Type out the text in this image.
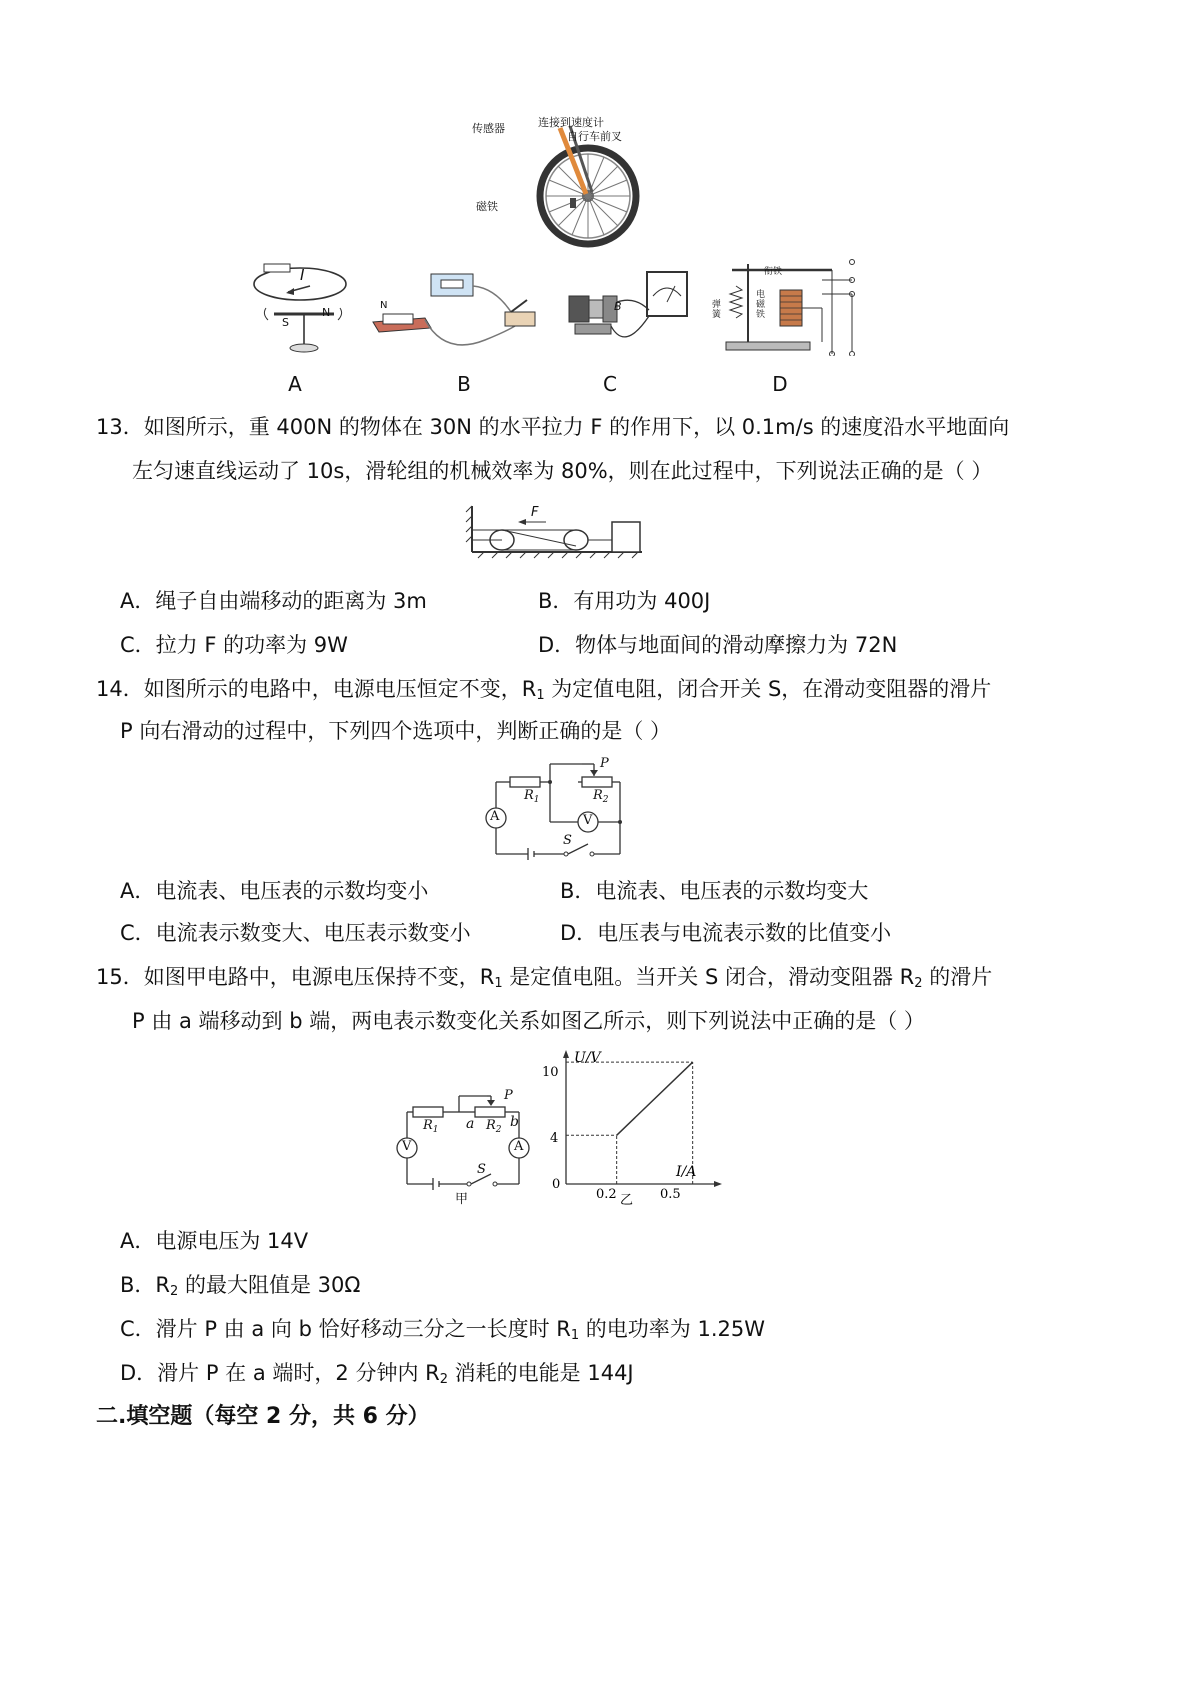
传感器	连接到速度计
自行车前叉
磁铁
I
S
N
N	B
衔铁
弹簧
电磁铁
A	B	C	D
13．如图所示，重 400N 的物体在 30N 的水平拉力 F 的作用下，以 0.1m/s 的速度沿水平地面向
左匀速直线运动了 10s，滑轮组的机械效率为 80%，则在此过程中，下列说法正确的是（ ）
F
A．绳子自由端移动的距离为 3m	B．有用功为 400J
C．拉力 F 的功率为 9W	D．物体与地面间的滑动摩擦力为 72N
14．如图所示的电路中，电源电压恒定不变，$R_1$ 为定值电阻，闭合开关 S，在滑动变阻器的滑片
P 向右滑动的过程中，下列四个选项中，判断正确的是（ ）
$R_1$	$R_2$
P
A	V
S
A．电流表、电压表的示数均变小	B．电流表、电压表的示数均变大
C．电流表示数变大、电压表示数变小	D．电压表与电流表示数的比值变小
15．如图甲电路中，电源电压保持不变，$R_1$ 是定值电阻。当开关 S 闭合，滑动变阻器 $R_2$ 的滑片
P 由 a 端移动到 b 端，两电表示数变化关系如图乙所示，则下列说法中正确的是（ ）
$R_1$	$R_2$
P
a	b
V	A
S
甲
U/V
I/A
0
4
10
0.2	0.5
乙
A．电源电压为 14V
B．$R_2$ 的最大阻值是 30Ω
C．滑片 P 由 a 向 b 恰好移动三分之一长度时 $R_1$ 的电功率为 1.25W
D．滑片 P 在 a 端时，2 分钟内 $R_2$ 消耗的电能是 144J
二.填空题（每空 2 分，共 6 分）
